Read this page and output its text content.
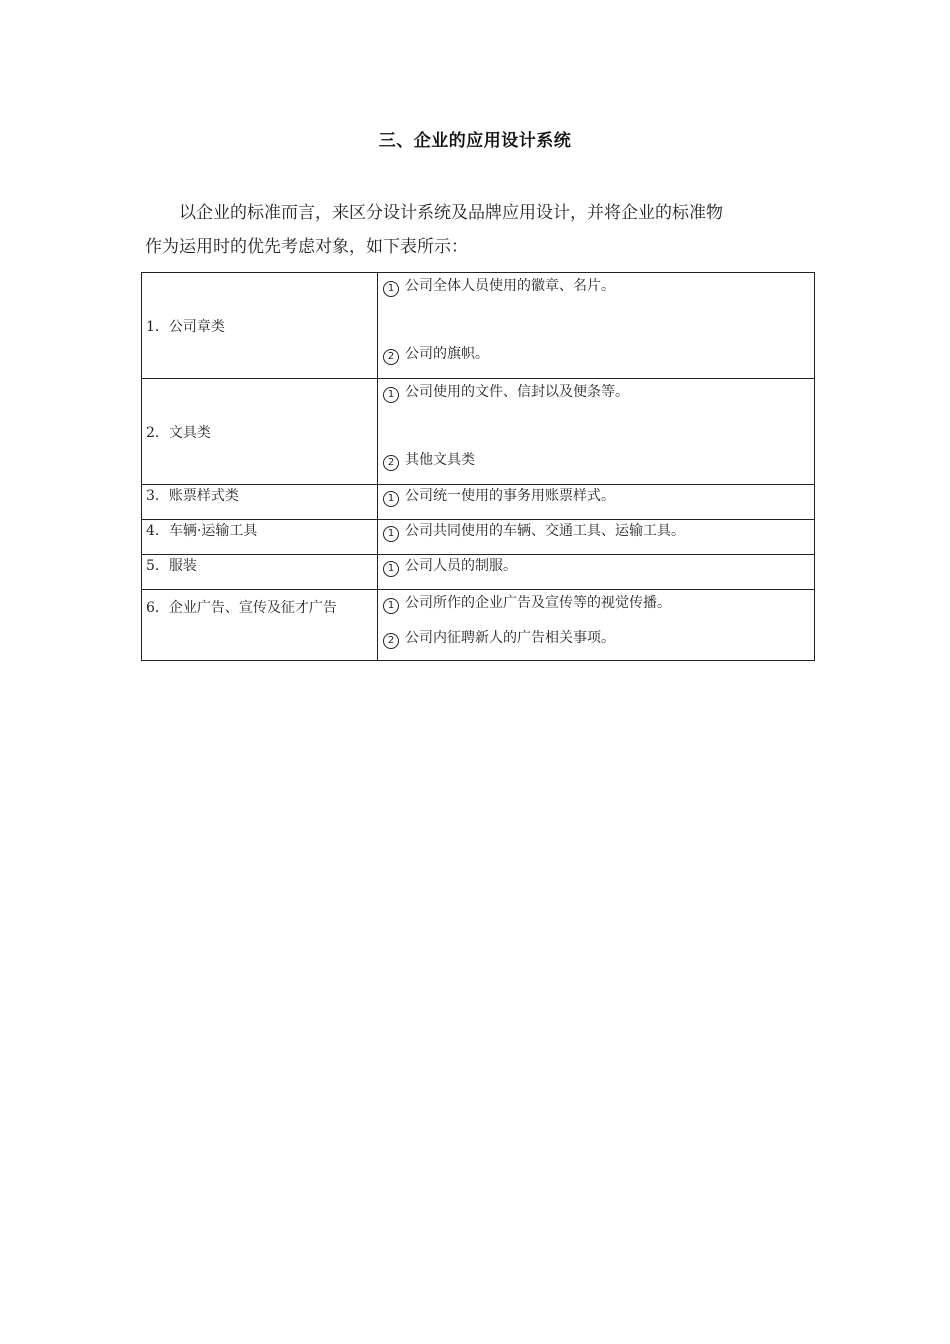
三、企业的应用设计系统
以企业的标准而言，来区分设计系统及品牌应用设计，并将企业的标准物
作为运用时的优先考虑对象，如下表所示：
1．公司章类	1 公司全体人员使用的徽章、名片。
2 公司的旗帜。

2．文具类	1 公司使用的文件、信封以及便条等。
2 其他文具类

3．账票样式类	1 公司统一使用的事务用账票样式。

4．车辆·运输工具	1 公司共同使用的车辆、交通工具、运输工具。

5．服装	1 公司人员的制服。

6．企业广告、宣传及征才广告	1 公司所作的企业广告及宣传等的视觉传播。
2 公司内征聘新人的广告相关事项。
